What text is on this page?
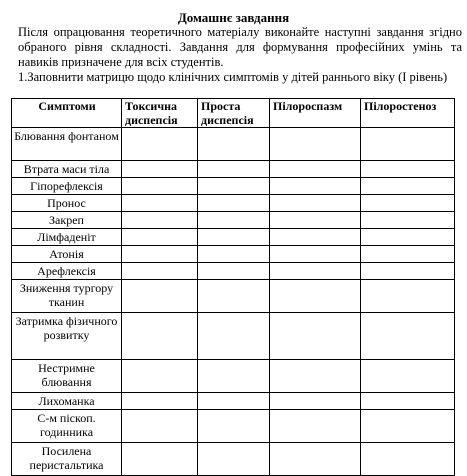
Домашнє завдання
Після опрацювання теоретичного матеріалу виконайте наступні завдання згідно обраного рівня складності. Завдання для формування професійних умінь та навиків призначене для всіх студентів.
1.Заповнити матрицю щодо клінічних симптомів у дітей раннього віку (I рівень)
Симптоми	Токсична диспепсія	Проста диспепсія	Пілороспазм	Пілоростеноз
Блювання фонтаном				
Втрата маси тіла				
Гіпорефлексія				
Пронос				
Закреп				
Лімфаденіт				
Атонія				
Арефлексія				
Зниження тургору тканин				
Затримка фізичного розвитку				
Нестримне блювання				
Лихоманка				
С-м піскоп. годинника				
Посилена перистальтика				
